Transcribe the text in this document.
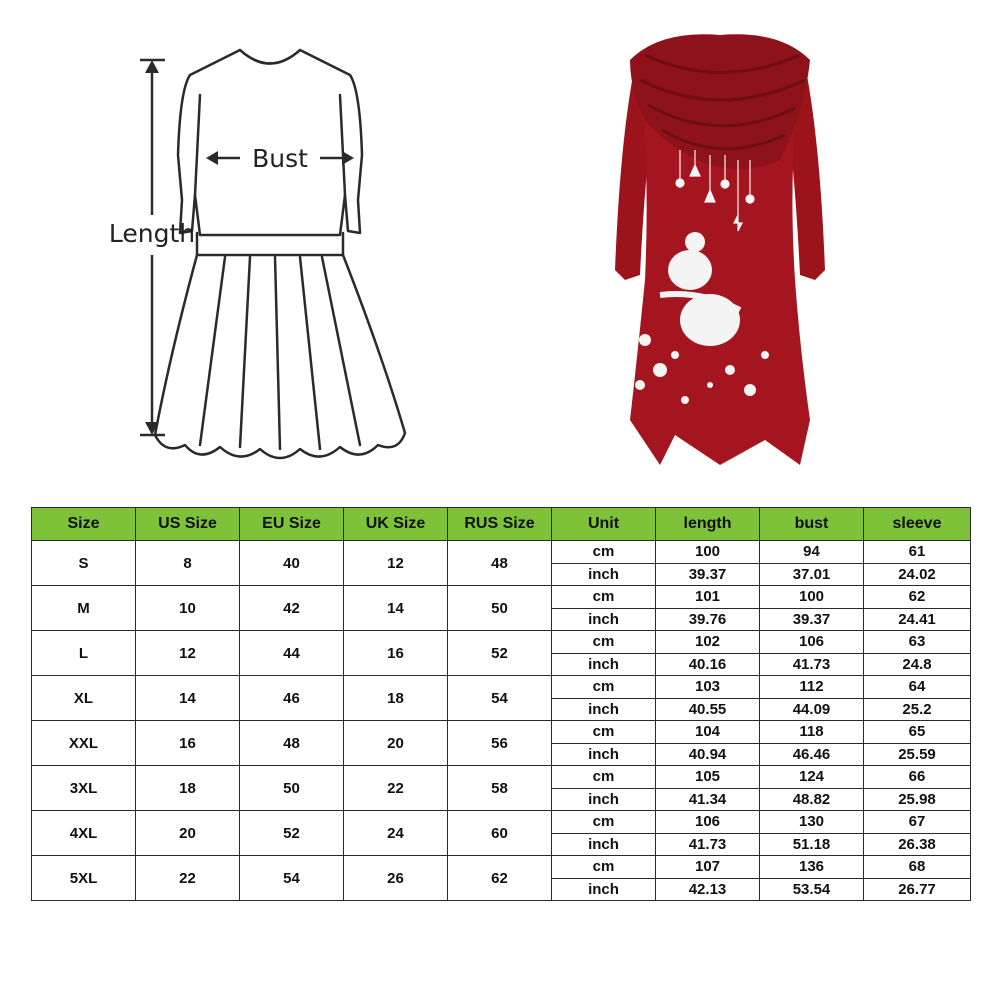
Bust
Length
Size	US Size	EU Size	UK Size	RUS Size	Unit	length	bust	sleeve
S	8	40	12	48	cm	100	94	61
					inch	39.37	37.01	24.02
M	10	42	14	50	cm	101	100	62
					inch	39.76	39.37	24.41
L	12	44	16	52	cm	102	106	63
					inch	40.16	41.73	24.8
XL	14	46	18	54	cm	103	112	64
					inch	40.55	44.09	25.2
XXL	16	48	20	56	cm	104	118	65
					inch	40.94	46.46	25.59
3XL	18	50	22	58	cm	105	124	66
					inch	41.34	48.82	25.98
4XL	20	52	24	60	cm	106	130	67
					inch	41.73	51.18	26.38
5XL	22	54	26	62	cm	107	136	68
					inch	42.13	53.54	26.77
